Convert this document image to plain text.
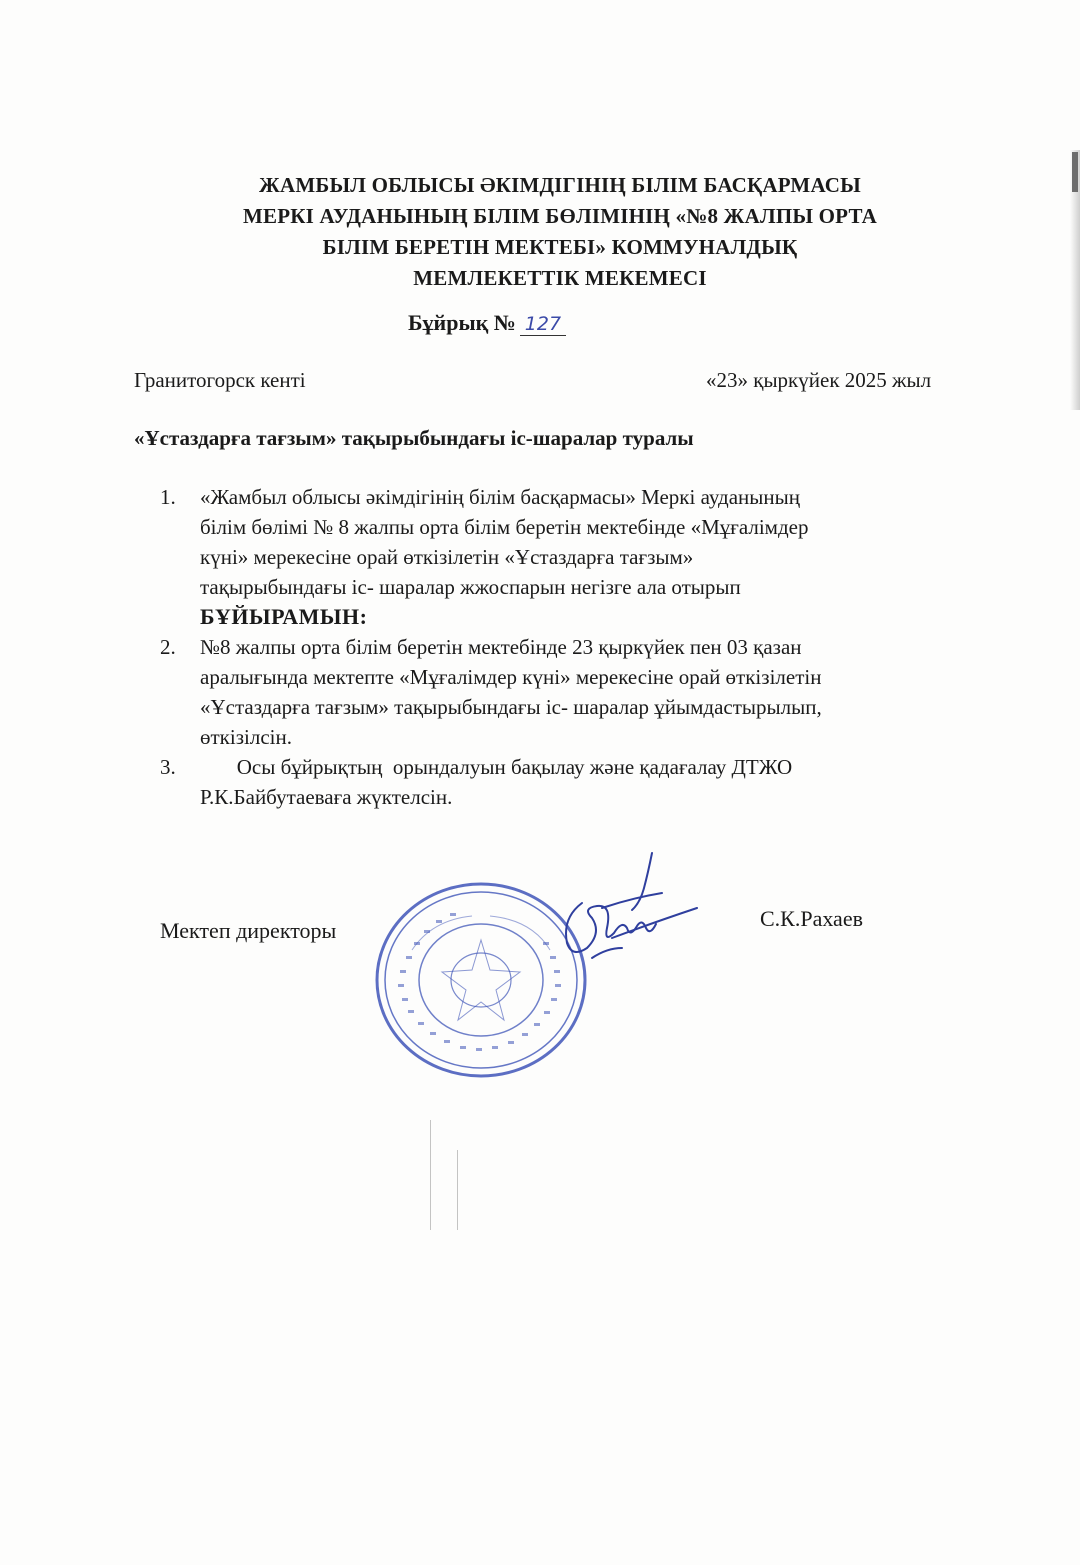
ЖАМБЫЛ ОБЛЫСЫ ӘКІМДІГІНІҢ БІЛІМ БАСҚАРМАСЫ
МЕРКІ АУДАНЫНЫҢ БІЛІМ БӨЛІМІНІҢ «№8 ЖАЛПЫ ОРТА
БІЛІМ БЕРЕТІН МЕКТЕБІ» КОММУНАЛДЫҚ
МЕМЛЕКЕТТІК МЕКЕМЕСІ
Бұйрық № 127
Гранитогорск кенті	«23» қыркүйек 2025 жыл
«Ұстаздарға тағзым» тақырыбындағы іс-шаралар туралы
1. «Жамбыл облысы әкімдігінің білім басқармасы» Меркі ауданының
білім бөлімі № 8 жалпы орта білім беретін мектебінде «Мұғалімдер
күні» мерекесіне орай өткізілетін «Ұстаздарға тағзым»
тақырыбындағы іс- шаралар жжоспарын негізге ала отырып
БҰЙЫРАМЫН:
2. №8 жалпы орта білім беретін мектебінде 23 қыркүйек пен 03 қазан
аралығында мектепте «Мұғалімдер күні» мерекесіне орай өткізілетін
«Ұстаздарға тағзым» тақырыбындағы іс- шаралар ұйымдастырылып,
өткізілсін.
3. Осы бұйрықтың  орындалуын бақылау және қадағалау ДТЖО
Р.К.Байбутаеваға жүктелсін.
Мектеп директоры	С.К.Рахаев
